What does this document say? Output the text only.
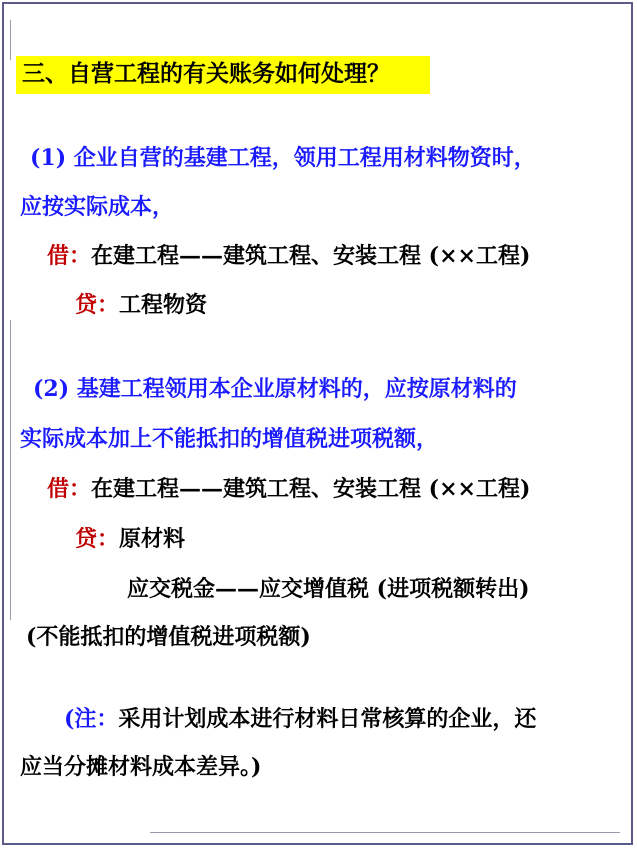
三、自营工程的有关账务如何处理？
(1) 企业自营的基建工程，领用工程用材料物资时，
应按实际成本，
借：在建工程——建筑工程、安装工程 (××工程)
贷：工程物资
(2) 基建工程领用本企业原材料的，应按原材料的
实际成本加上不能抵扣的增值税进项税额，
借：在建工程——建筑工程、安装工程 (××工程)
贷：原材料
应交税金——应交增值税 (进项税额转出)
(不能抵扣的增值税进项税额)
(注：采用计划成本进行材料日常核算的企业，还
应当分摊材料成本差异。)
